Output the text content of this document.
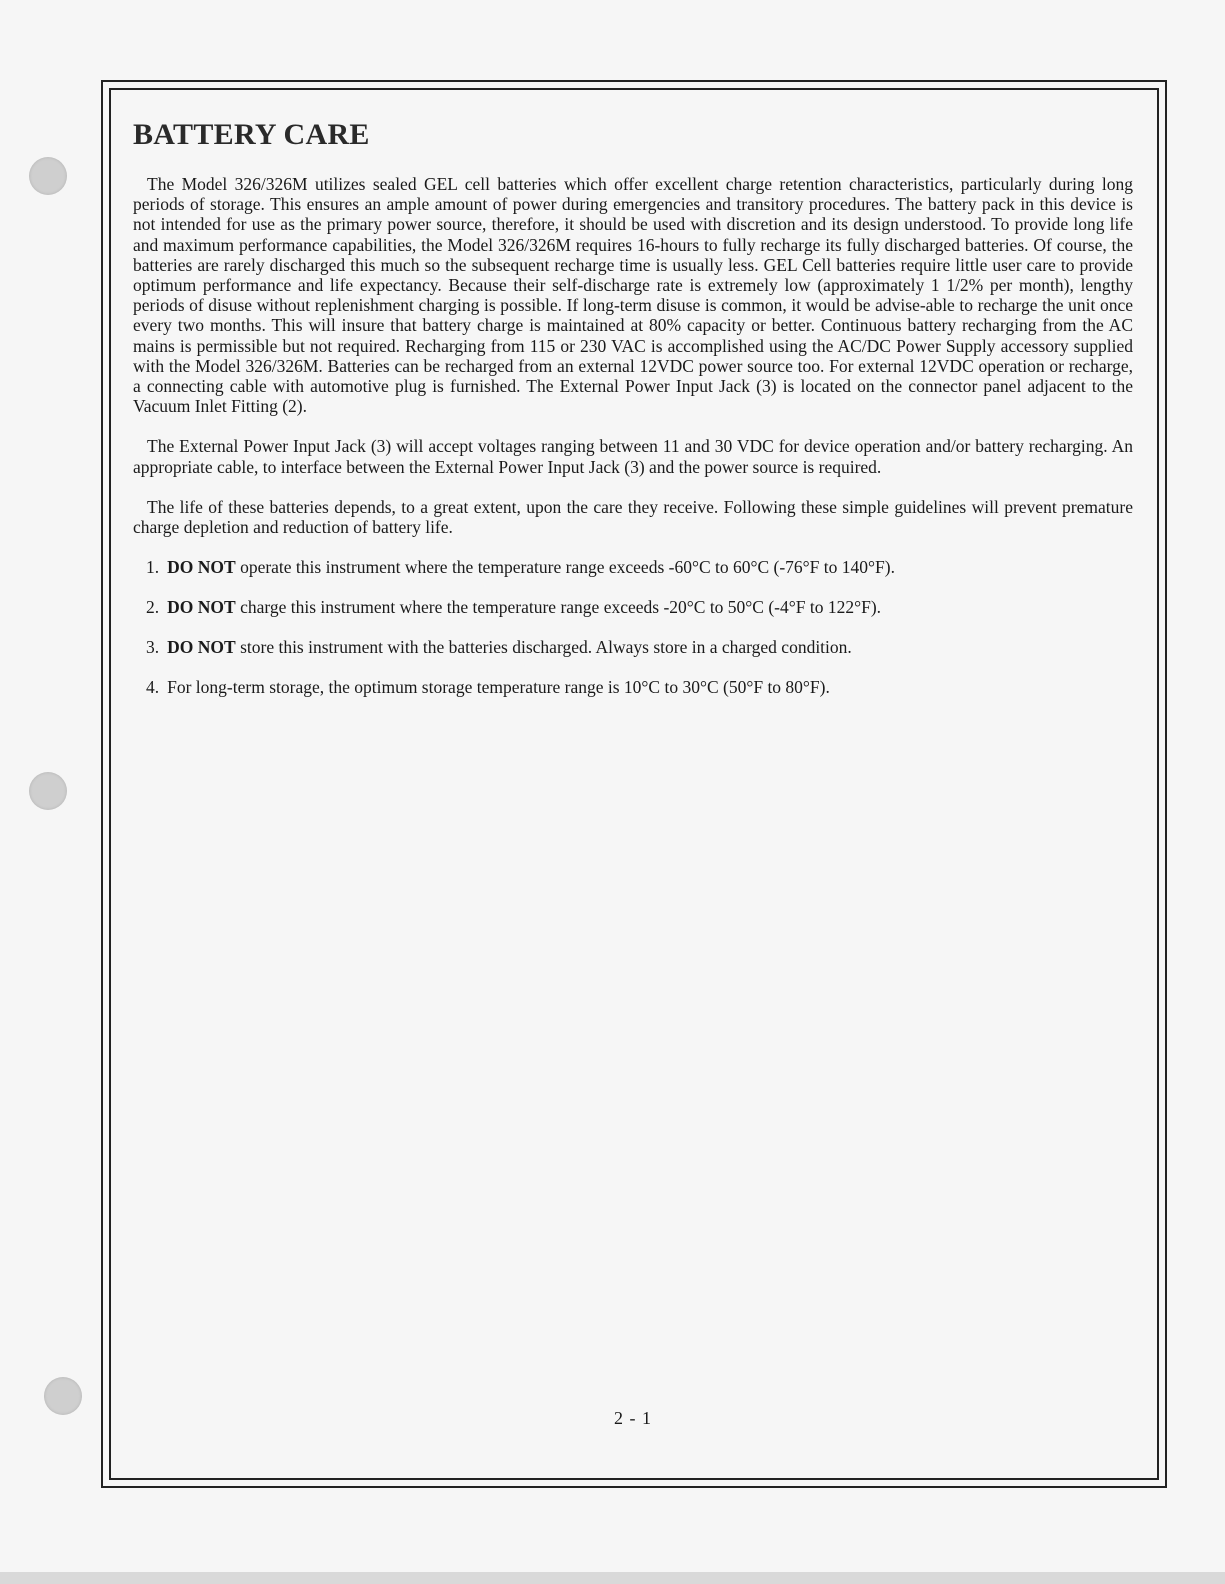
BATTERY CARE

The Model 326/326M utilizes sealed GEL cell batteries which offer excellent charge retention characteristics, particularly during long periods of storage. This ensures an ample amount of power during emergencies and transitory procedures. The battery pack in this device is not intended for use as the primary power source, therefore, it should be used with discretion and its design understood. To provide long life and maximum performance capabilities, the Model 326/326M requires 16-hours to fully recharge its fully discharged batteries. Of course, the batteries are rarely discharged this much so the subsequent recharge time is usually less. GEL Cell batteries require little user care to provide optimum performance and life expectancy. Because their self-discharge rate is extremely low (approximately 1 1/2% per month), lengthy periods of disuse without replenishment charging is possible. If long-term disuse is common, it would be advise-able to recharge the unit once every two months. This will insure that battery charge is maintained at 80% capacity or better. Continuous battery recharging from the AC mains is permissible but not required. Recharging from 115 or 230 VAC is accomplished using the AC/DC Power Supply accessory supplied with the Model 326/326M. Batteries can be recharged from an external 12VDC power source too. For external 12VDC operation or recharge, a connecting cable with automotive plug is furnished. The External Power Input Jack (3) is located on the connector panel adjacent to the Vacuum Inlet Fitting (2).

The External Power Input Jack (3) will accept voltages ranging between 11 and 30 VDC for device operation and/or battery recharging. An appropriate cable, to interface between the External Power Input Jack (3) and the power source is required.

The life of these batteries depends, to a great extent, upon the care they receive. Following these simple guidelines will prevent premature charge depletion and reduction of battery life.

1. DO NOT operate this instrument where the temperature range exceeds -60°C to 60°C (-76°F to 140°F).
2. DO NOT charge this instrument where the temperature range exceeds -20°C to 50°C (-4°F to 122°F).
3. DO NOT store this instrument with the batteries discharged. Always store in a charged condition.
4. For long-term storage, the optimum storage temperature range is 10°C to 30°C (50°F to 80°F).
2 - 1
